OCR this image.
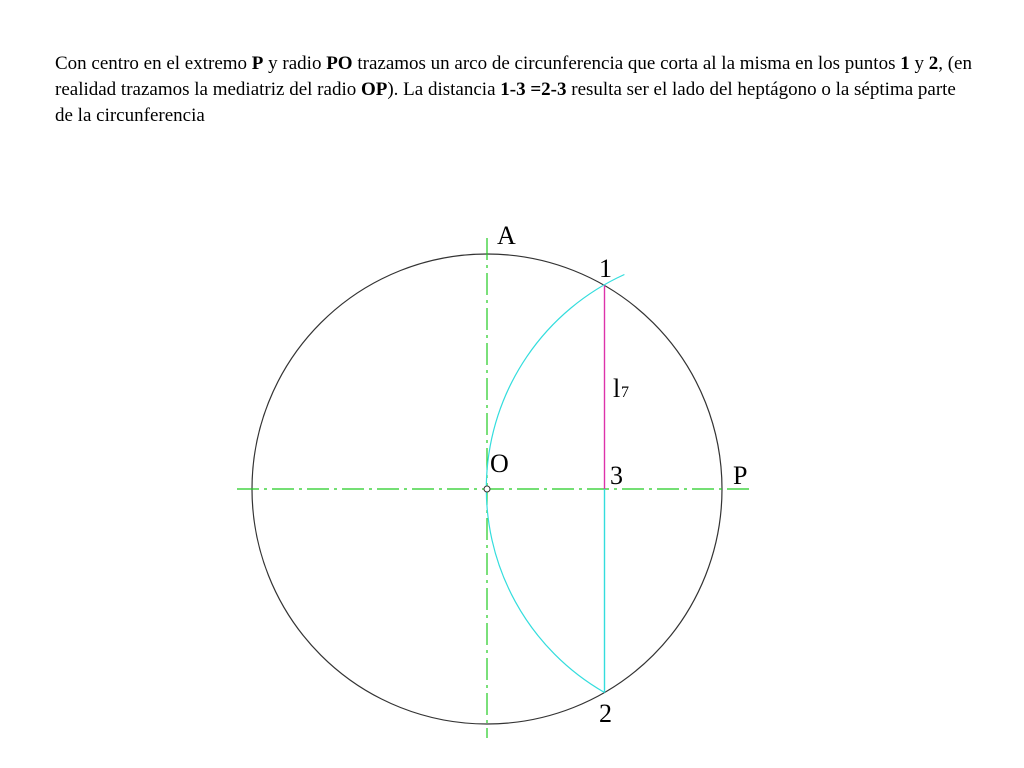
Con centro en el extremo P y radio PO trazamos un arco de circunferencia que corta al la misma en los puntos 1 y 2, (en realidad trazamos la mediatriz del radio OP). La distancia 1-3 =2-3 resulta ser el lado del heptágono o la séptima parte de la circunferencia

A
1
O	3	P
2
l 7
